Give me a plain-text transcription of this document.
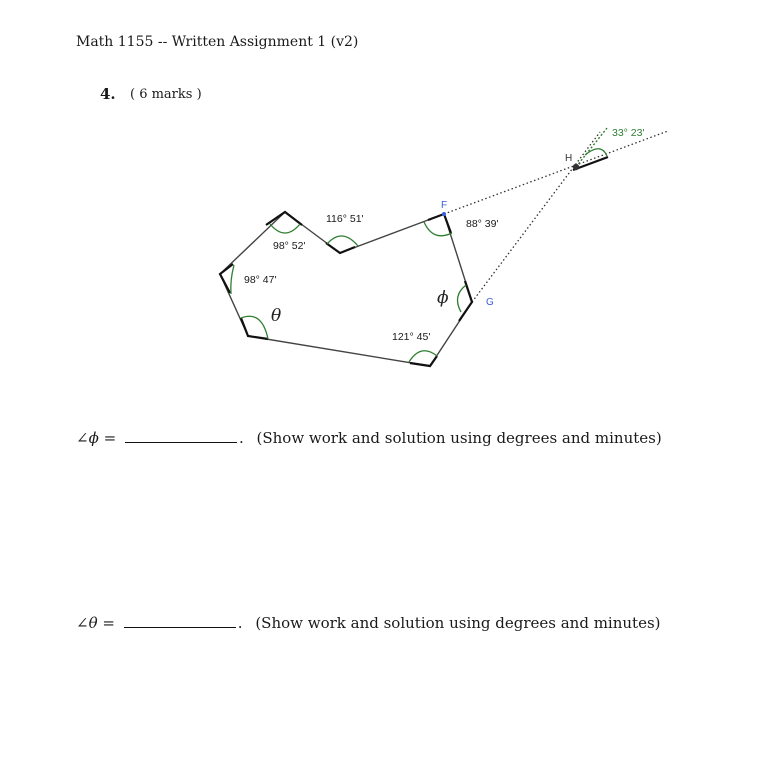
Math 1155 -- Written Assignment 1 (v2)
4. ( 6 marks )
116° 51'
98° 52'
98° 47'
121° 45'
88° 39'
33° 23'
F
G
H
θ
ϕ
∠ϕ =	. (Show work and solution using degrees and minutes)
∠θ =	. (Show work and solution using degrees and minutes)
